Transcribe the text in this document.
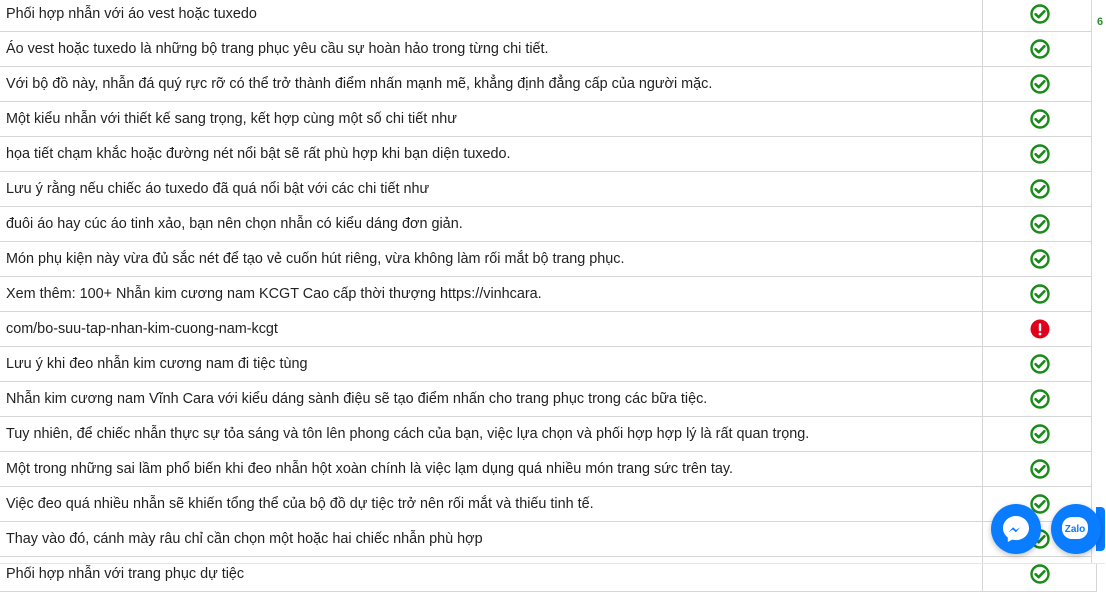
Phối hợp nhẫn với áo vest hoặc tuxedo	
Áo vest hoặc tuxedo là những bộ trang phục yêu cầu sự hoàn hảo trong từng chi tiết.	
Với bộ đồ này, nhẫn đá quý rực rỡ có thể trở thành điểm nhấn mạnh mẽ, khẳng định đẳng cấp của người mặc.	
Một kiểu nhẫn với thiết kế sang trọng, kết hợp cùng một số chi tiết như	
họa tiết chạm khắc hoặc đường nét nổi bật sẽ rất phù hợp khi bạn diện tuxedo.	
Lưu ý rằng nếu chiếc áo tuxedo đã quá nổi bật với các chi tiết như	
đuôi áo hay cúc áo tinh xảo, bạn nên chọn nhẫn có kiểu dáng đơn giản.	
Món phụ kiện này vừa đủ sắc nét để tạo vẻ cuốn hút riêng, vừa không làm rối mắt bộ trang phục.	
Xem thêm: 100+ Nhẫn kim cương nam KCGT Cao cấp thời thượng https://vinhcara.	
com/bo-suu-tap-nhan-kim-cuong-nam-kcgt	
Lưu ý khi đeo nhẫn kim cương nam đi tiệc tùng	
Nhẫn kim cương nam Vĩnh Cara với kiểu dáng sành điệu sẽ tạo điểm nhấn cho trang phục trong các bữa tiệc.	
Tuy nhiên, để chiếc nhẫn thực sự tỏa sáng và tôn lên phong cách của bạn, việc lựa chọn và phối hợp hợp lý là rất quan trọng.	
Một trong những sai lầm phổ biến khi đeo nhẫn hột xoàn chính là việc lạm dụng quá nhiều món trang sức trên tay.	
Việc đeo quá nhiều nhẫn sẽ khiến tổng thể của bộ đồ dự tiệc trở nên rối mắt và thiếu tinh tế.	
Thay vào đó, cánh mày râu chỉ cần chọn một hoặc hai chiếc nhẫn phù hợp	
Phối hợp nhẫn với trang phục dự tiệc	
6
Zalo
